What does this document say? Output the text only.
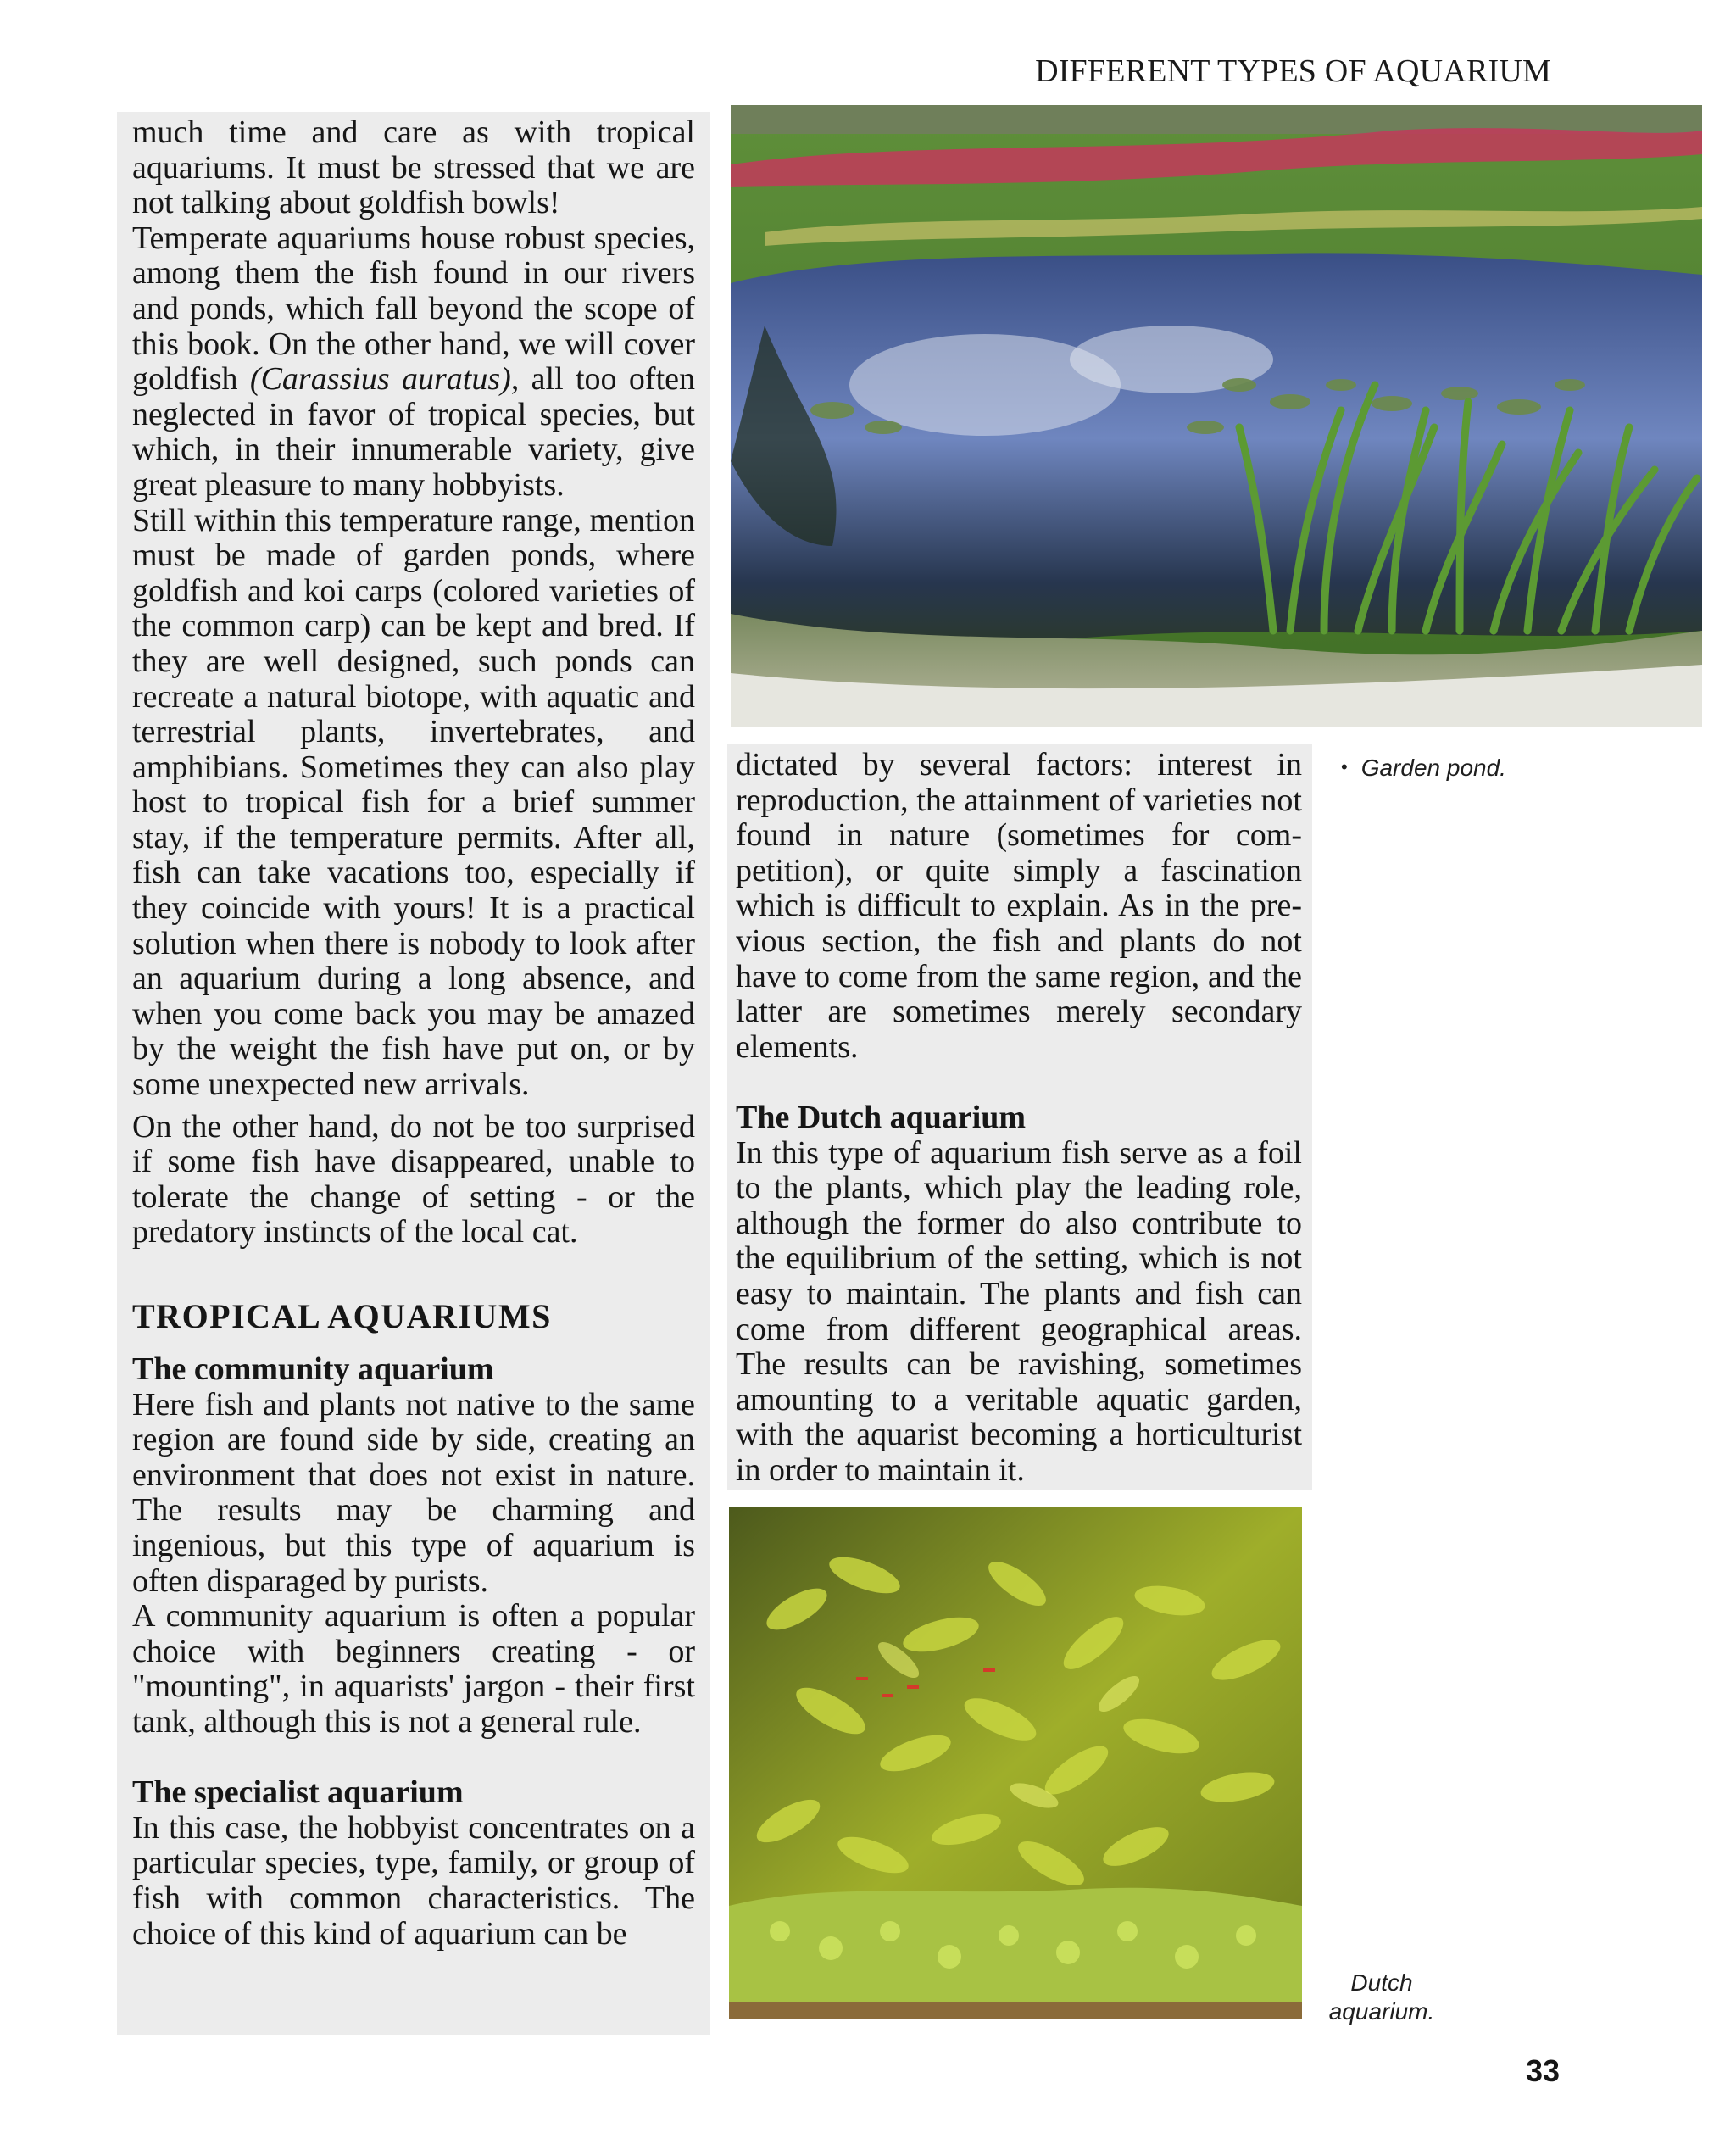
DIFFERENT TYPES OF AQUARIUM

much time and care as with tropical aquariums. It must be stressed that we are not talking about goldfish bowls!

Temperate aquariums house robust species, among them the fish found in our rivers and ponds, which fall beyond the scope of this book. On the other hand, we will cover goldfish (Carassius auratus), all too often neglected in favor of tropical species, but which, in their innumerable variety, give great pleasure to many hobbyists.

Still within this temperature range, mention must be made of garden ponds, where goldfish and koi carps (colored varieties of the common carp) can be kept and bred. If they are well designed, such ponds can recreate a natural biotope, with aquatic and terrestrial plants, invertebrates, and amphibians. Sometimes they can also play host to tropical fish for a brief summer stay, if the temperature permits. After all, fish can take vacations too, especially if they coincide with yours! It is a practical solution when there is nobody to look after an aquarium during a long absence, and when you come back you may be amazed by the weight the fish have put on, or by some unexpected new arrivals.

On the other hand, do not be too surprised if some fish have disappeared, unable to tolerate the change of setting - or the predatory instincts of the local cat.

TROPICAL AQUARIUMS

The community aquarium

Here fish and plants not native to the same region are found side by side, creating an environment that does not exist in nature. The results may be charming and ingenious, but this type of aquarium is often disparaged by purists.

A community aquarium is often a popular choice with beginners creating - or "mounting", in aquarists' jargon - their first tank, although this is not a general rule.

The specialist aquarium

In this case, the hobbyist concentrates on a particular species, type, family, or group of fish with common characteristics. The choice of this kind of aquarium can be

dictated by several factors: interest in reproduction, the attainment of varieties not found in nature (sometimes for competition), or quite simply a fascination which is difficult to explain. As in the previous section, the fish and plants do not have to come from the same region, and the latter are sometimes merely secondary elements.

The Dutch aquarium

In this type of aquarium fish serve as a foil to the plants, which play the leading role, although the former do also contribute to the equilibrium of the setting, which is not easy to maintain. The plants and fish can come from different geographical areas. The results can be ravishing, sometimes amounting to a veritable aquatic garden, with the aquarist becoming a horticulturist in order to maintain it.

• Garden pond.
Dutch
aquarium.
33
